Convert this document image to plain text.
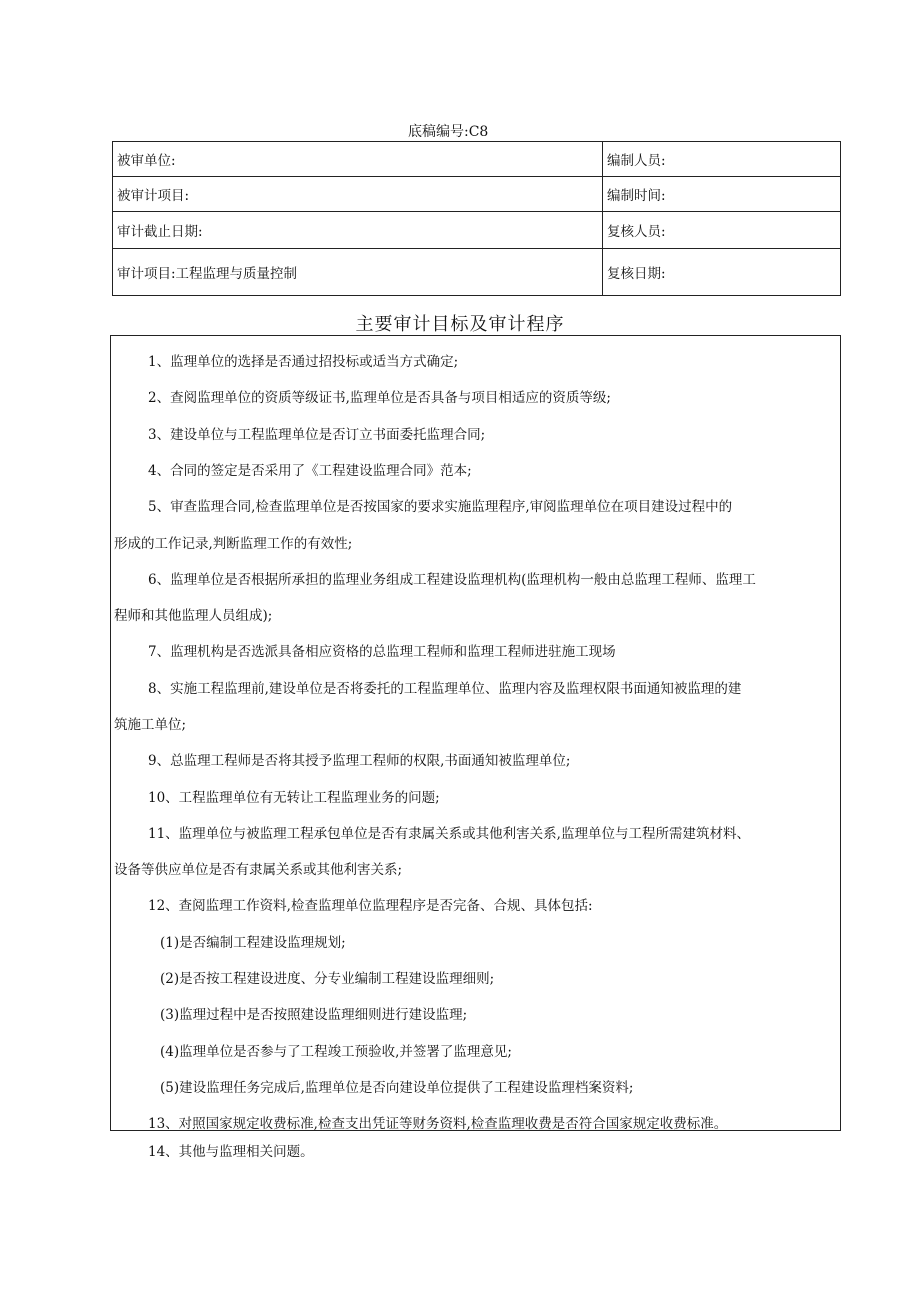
底稿编号:C8
被审单位:	编制人员:
被审计项目:	编制时间:
审计截止日期:	复核人员:
审计项目:工程监理与质量控制	复核日期:
主要审计目标及审计程序
1、监理单位的选择是否通过招投标或适当方式确定;
2、查阅监理单位的资质等级证书,监理单位是否具备与项目相适应的资质等级;
3、建设单位与工程监理单位是否订立书面委托监理合同;
4、合同的签定是否采用了《工程建设监理合同》范本;
5、审查监理合同,检查监理单位是否按国家的要求实施监理程序,审阅监理单位在项目建设过程中的
形成的工作记录,判断监理工作的有效性;
6、监理单位是否根据所承担的监理业务组成工程建设监理机构(监理机构一般由总监理工程师、监理工
程师和其他监理人员组成);
7、监理机构是否选派具备相应资格的总监理工程师和监理工程师进驻施工现场
8、实施工程监理前,建设单位是否将委托的工程监理单位、监理内容及监理权限书面通知被监理的建
筑施工单位;
9、总监理工程师是否将其授予监理工程师的权限,书面通知被监理单位;
10、工程监理单位有无转让工程监理业务的问题;
11、监理单位与被监理工程承包单位是否有隶属关系或其他利害关系,监理单位与工程所需建筑材料、
设备等供应单位是否有隶属关系或其他利害关系;
12、查阅监理工作资料,检查监理单位监理程序是否完备、合规、具体包括:
(1)是否编制工程建设监理规划;
(2)是否按工程建设进度、分专业编制工程建设监理细则;
(3)监理过程中是否按照建设监理细则进行建设监理;
(4)监理单位是否参与了工程竣工预验收,并签署了监理意见;
(5)建设监理任务完成后,监理单位是否向建设单位提供了工程建设监理档案资料;
13、对照国家规定收费标准,检查支出凭证等财务资料,检查监理收费是否符合国家规定收费标准。
14、其他与监理相关问题。
